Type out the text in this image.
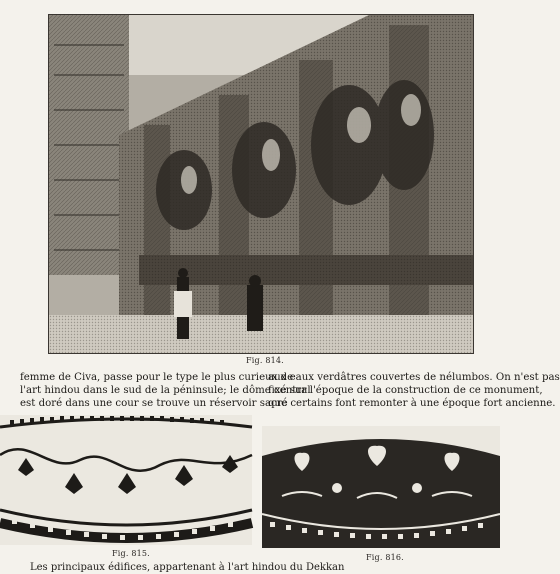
Fig. 814.
femme de Civa, passe pour le type le plus curieux de
l'art hindou dans le sud de la péninsule; le dôme central
est doré dans une cour se trouve un réservoir sacré
aux eaux verdâtres couvertes de nélumbos. On n'est pas
fixé sur l'époque de la construction de ce monument,
que certains font remonter à une époque fort ancienne.
Fig. 815.	Fig. 816.
Les principaux édifices, appartenant à l'art hindou du Dekkan
